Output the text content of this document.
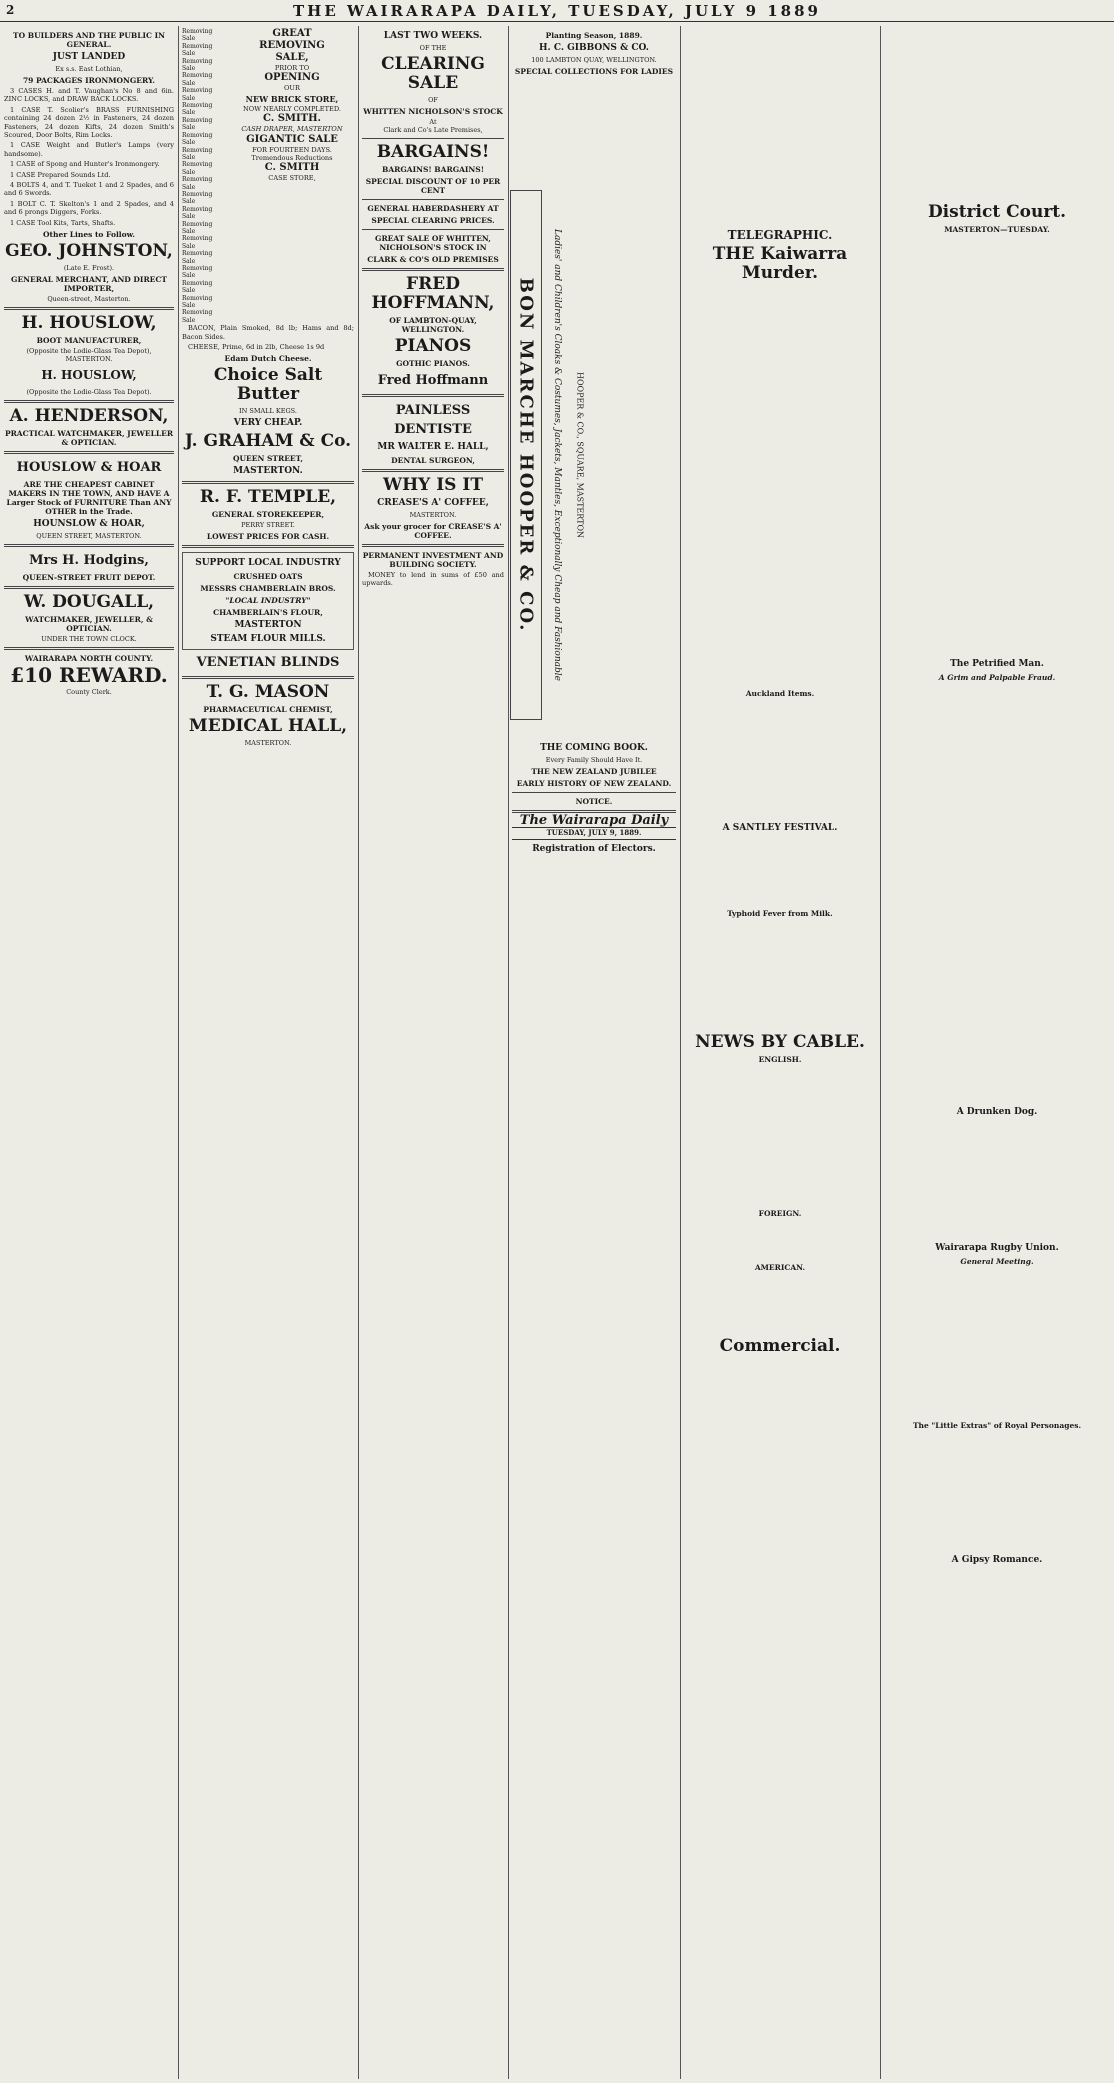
2	THE WAIRARAPA DAILY, TUESDAY, JULY 9 1889
TO BUILDERS AND THE PUBLIC IN GENERAL.
JUST LANDED
Ex s.s. East Lothian,
79 PACKAGES IRONMONGERY.
3 CASES H. and T. Vaughan's No 8 and 6in. ZINC LOCKS, and DRAW BACK LOCKS.
1 CASE T. Scolier's BRASS FURNISHING containing 24 dozen 2½ in Fasteners, 24 dozen Fasteners, 24 dozen Kifts, 24 dozen Smith's Scoured, Door Bolts, Rim Locks.
1 CASE Weight and Butler's Lamps (very handsome).
1 CASE of Spong and Hunter's Ironmongery.
1 CASE Prepared Sounds Ltd.
4 BOLTS 4, and T. Tueket 1 and 2 Spades, and 6 and 6 Swords.
1 BOLT C. T. Skelton's 1 and 2 Spades, and 4 and 6 prongs Diggers, Forks.
1 CASE Tool Kits, Tarts, Shafts.
Other Lines to Follow.
GEO. JOHNSTON,
(Late E. Frost).
GENERAL MERCHANT, AND DIRECT IMPORTER,
Queen-street, Masterton.
H. HOUSLOW,
BOOT MANUFACTURER,
(Opposite the Lodie-Glass Tea Depot), MASTERTON.
H. HOUSLOW,
(Opposite the Lodie-Glass Tea Depot).
A. HENDERSON,
PRACTICAL WATCHMAKER, JEWELLER & OPTICIAN.
HOUSLOW & HOAR
ARE THE CHEAPEST CABINET MAKERS IN THE TOWN, AND HAVE A Larger Stock of FURNITURE Than ANY OTHER in the Trade.
HOUNSLOW & HOAR,
QUEEN STREET, MASTERTON.
Mrs H. Hodgins,
QUEEN-STREET FRUIT DEPOT.
W. DOUGALL,
WATCHMAKER, JEWELLER, & OPTICIAN.
UNDER THE TOWN CLOCK.
WAIRARAPA NORTH COUNTY.
£10 REWARD.
County Clerk.
Removing Sale
Removing Sale
Removing Sale
Removing Sale
Removing Sale
Removing Sale
Removing Sale
Removing Sale
Removing Sale
Removing Sale
Removing Sale
Removing Sale
Removing Sale
Removing Sale
Removing Sale
Removing Sale
Removing Sale
Removing Sale
Removing Sale
Removing Sale
GREAT
REMOVING
SALE,
PRIOR TO
OPENING
OUR
NEW BRICK STORE,
NOW NEARLY COMPLETED.
C. SMITH.
CASH DRAPER, MASTERTON
GIGANTIC SALE
FOR FOURTEEN DAYS.
Tremendous Reductions
C. SMITH
CASE STORE,
BACON, Plain Smoked, 8d lb; Hams and 8d; Bacon Sides.
CHEESE, Prime, 6d in 2lb, Cheese 1s 9d
Edam Dutch Cheese.
Choice Salt Butter
IN SMALL KEGS.
VERY CHEAP.
J. GRAHAM & Co.
QUEEN STREET,
MASTERTON.
R. F. TEMPLE,
GENERAL STOREKEEPER,
PERRY STREET.
LOWEST PRICES FOR CASH.
SUPPORT LOCAL INDUSTRY
CRUSHED OATS
MESSRS CHAMBERLAIN BROS.
"LOCAL INDUSTRY"
CHAMBERLAIN'S FLOUR,
MASTERTON
STEAM FLOUR MILLS.
VENETIAN BLINDS
T. G. MASON
PHARMACEUTICAL CHEMIST,
MEDICAL HALL,
MASTERTON.
LAST TWO WEEKS.
OF THE
CLEARING SALE
OF
WHITTEN NICHOLSON'S STOCK
At
Clark and Co's Late Premises,
BARGAINS!
BARGAINS! BARGAINS!
SPECIAL DISCOUNT OF 10 PER CENT
GENERAL HABERDASHERY AT
SPECIAL CLEARING PRICES.
GREAT SALE OF WHITTEN, NICHOLSON'S STOCK IN
CLARK & CO'S OLD PREMISES
FRED HOFFMANN,
OF LAMBTON-QUAY, WELLINGTON.
PIANOS
GOTHIC PIANOS.
Fred Hoffmann
PAINLESS DENTISTE
MR WALTER E. HALL,
DENTAL SURGEON,
WHY IS IT
CREASE'S A' COFFEE,
MASTERTON.
Ask your grocer for CREASE'S A' COFFEE.
PERMANENT INVESTMENT AND BUILDING SOCIETY.
MONEY to lend in sums of £50 and upwards.
Planting Season, 1889.
H. C. GIBBONS & CO.
100 LAMBTON QUAY, WELLINGTON.
SPECIAL COLLECTIONS FOR LADIES
BON MARCHE HOOPER & CO. Ladies' and Children's Cloaks & Costumes, Jackets, Mantles, Exceptionally Cheap and Fashionable HOOPER & CO., SQUARE, MASTERTON
THE COMING BOOK.
Every Family Should Have It.
THE NEW ZEALAND JUBILEE
EARLY HISTORY OF NEW ZEALAND.
NOTICE.
The Wairarapa Daily
TUESDAY, JULY 9, 1889.
Registration of Electors.
TELEGRAPHIC.
THE Kaiwarra Murder.
Auckland Items.
A SANTLEY FESTIVAL.
Typhoid Fever from Milk.
NEWS BY CABLE.
ENGLISH.
FOREIGN.
AMERICAN.
Commercial.
District Court.
MASTERTON—TUESDAY.
The Petrified Man.
A Grim and Palpable Fraud.
A Drunken Dog.
Wairarapa Rugby Union.
General Meeting.
The "Little Extras" of Royal Personages.
A Gipsy Romance.
